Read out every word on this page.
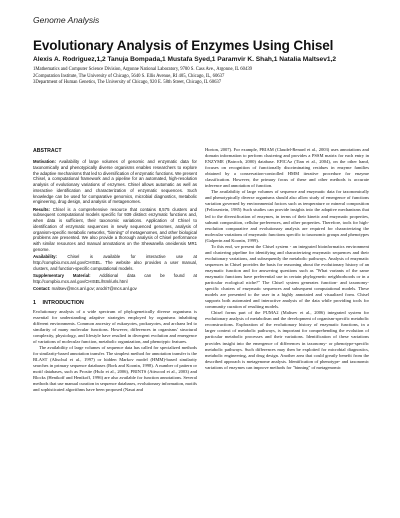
Genome Analysis
Evolutionary Analysis of Enzymes Using Chisel
Alexis A. Rodriguez,1,2 Tanuja Bompada,1 Mustafa Syed,1 Paramvir K. Shah,1 Natalia Maltsev1,2
1Mathematics and Computer Science Division, Argonne National Laboratory, 9700 S. Cass Ave., Argonne, IL 60439
2Computation Institute, The University of Chicago, 5640 S. Ellis Avenue, RI 405, Chicago, IL, 60637
3Department of Human Genetics, The University of Chicago, 920 E. 58th Street, Chicago, IL 60637
ABSTRACT

Motivation: Availability of large volumes of genomic and enzymatic data for taxonomically and phenotypically diverse organisms enables researchers to explore the adaptive mechanisms that led to diversification of enzymatic functions. We present Chisel, a computational framework and a pipeline for an automated, high-resolution analysis of evolutionary variations of enzymes. Chisel allows automatic as well as interactive identification and characterization of enzymatic sequences. Such knowledge can be used for comparative genomics, microbial diagnostics, metabolic engineering, drug design, and analysis of metagenomes.

Results: Chisel is a comprehensive resource that contains 8,575 clusters and subsequent computational models specific for 939 distinct enzymatic functions and, when data is sufficient, their taxonomic variations. Application of Chisel to identification of enzymatic sequences in newly sequenced genomes, analysis of organism-specific metabolic networks, "binning" of metagenomes, and other biological problems are presented. We also provide a thorough analysis of Chisel performance with similar resources and manual annotations on the Shewanella oneidensis MR1 genome.

Availability: Chisel is available for interactive use at http://compbio.mcs.anl.gov/CHISEL. The website also provides a user manual, clusters, and function-specific computational models.

Supplementary Material: Additional data can be found at http://compbio.mcs.anl.gov/CHISEL/html/urls.html

Contact: maltsev@mcs.anl.gov; arodri7@mcs.anl.gov

1 INTRODUCTION

Evolutionary analysis of a wide spectrum of phylogenetically diverse organisms is essential for understanding adaptive strategies employed by organisms inhabiting different environments. Common ancestry of eukaryotes, prokaryotes, and archaea led to similarity of many molecular functions. However, differences in organisms' structural complexity, physiology, and lifestyle have resulted in divergent evolution and emergence of variations of molecular function, metabolic organization, and phenotypic features.

The availability of large volumes of sequence data has called for specialized methods for similarity-based annotation transfer. The simplest method for annotation transfer is the BLAST (Altschul et al., 1997) or hidden Markov model (HMM)-based similarity searches in primary sequence databases (Bork and Koonin, 1998). A number of pattern or motif databases, such as Prosite (Hulo et al., 2006), PRINTS (Attwood et al., 2003) and Blocks (Henikoff and Henikoff, 1996) are also available for function annotations. Several methods that use manual curation in sequence databases, evolutionary information, motifs and sophisticated algorithms have been proposed (Nasai and

Horton, 2007). For example, PRIAM (Claudel-Renard et al., 2003) uses annotations and domain information to perform clustering and provides a PSSM matrix for each entry in ENZYME (Bairoch, 2000) database. EFICAz (Tian et al., 2004), on the other hand, focuses on recognition of functionally discriminating residues in enzyme families obtained by a conservation-controlled HMM iterative procedure for enzyme classification. However, the primary focus of these and other methods is accurate inference and annotation of function.

The availability of large volumes of sequence and enzymatic data for taxonomically and phenotypically diverse organisms should also allow study of emergence of functions variation governed by environmental factors such as temperature or mineral composition (Feliosestein, 1985) Such studies can provide insights into the adaptive mechanisms that led to the diversification of enzymes, in terms of their kinetic and enzymatic properties, subunit composition, cellular preferences, and other properties. Therefore, tools for high-resolution comparative and evolutionary analysis are required for characterizing the molecular variations of enzymatic functions specific to taxonomic groups and phenotypes (Galperin and Koonin, 1999).

To this end, we present the Chisel system - an integrated bioinformatics environment and clustering pipeline for identifying and characterizing enzymatic sequences and their evolutionary variations, and subsequently the metabolic pathways. Analysis of enzymatic sequences in Chisel provides the basis for reasoning about the evolutionary history of an enzymatic function and for answering questions such as "What variants of the same enzymatic functions have preferential use in certain phylogenetic neighborhoods or in a particular ecological niche?" The Chisel system generates function- and taxonomy-specific clusters of enzymatic sequences and subsequent computational models. These models are presented to the user in a highly annotated and visualized form. Chisel supports both automated and interactive analysis of the data while providing tools for community curation of resulting models.

Chisel forms part of the PUMA2 (Maltsev et al., 2006) integrated system for evolutionary analysis of metabolism and the development of organism-specific metabolic reconstructions. Exploration of the evolutionary history of enzymatic functions, in a larger context of metabolic pathways, is important for comprehending the evolution of particular metabolic processes and their variations. Identification of these variations provides insight into the emergence of differences in taxonomy- or phenotype-specific metabolic pathways. Such differences may then be exploited for microbial diagnostics, metabolic engineering, and drug design. Another area that could greatly benefit from the described approach is metagenome analysis. Identification of phenotype- and taxonomic variations of enzymes can improve methods for "binning" of metagenomic
